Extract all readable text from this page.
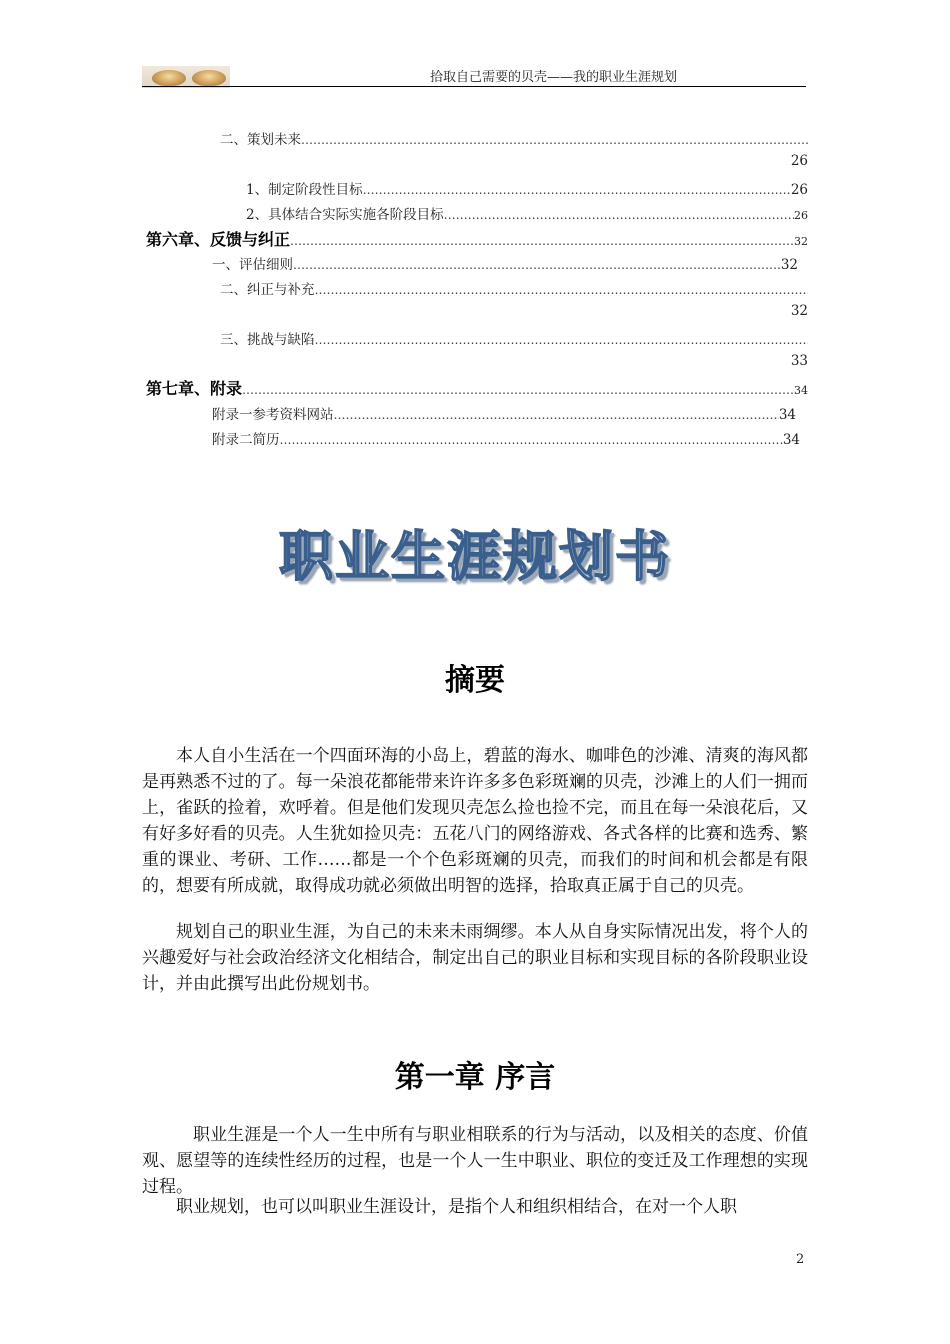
拾取自己需要的贝壳——我的职业生涯规划
二、策划未来
……………………………………………………………………………………………………………………………………………………………………………………………
26
1、制定阶段性目标 ……………………………………………………………………………………………………………………………………………………………………………………………	26
2、具体结合实际实施各阶段目标 ……………………………………………………………………………………………………………………………………………………………………………………………	26
第六章、反馈与纠正 ……………………………………………………………………………………………………………………………………………………………………………………………	32
一、评估细则 ……………………………………………………………………………………………………………………………………………………………………………………………	32
二、纠正与补充
……………………………………………………………………………………………………………………………………………………………………………………………
32
三、挑战与缺陷
……………………………………………………………………………………………………………………………………………………………………………………………
33
第七章、附录 ……………………………………………………………………………………………………………………………………………………………………………………………	34
附录一参考资料网站 ……………………………………………………………………………………………………………………………………………………………………………………………	34
附录二简历 ……………………………………………………………………………………………………………………………………………………………………………………………	34
职业生涯规划书
摘要
本人自小生活在一个四面环海的小岛上，碧蓝的海水、咖啡色的沙滩、清爽的海风都是再熟悉不过的了。每一朵浪花都能带来许许多多色彩斑斓的贝壳，沙滩上的人们一拥而上，雀跃的捡着，欢呼着。但是他们发现贝壳怎么捡也捡不完，而且在每一朵浪花后，又有好多好看的贝壳。人生犹如捡贝壳：五花八门的网络游戏、各式各样的比赛和选秀、繁重的课业、考研、工作……都是一个个色彩斑斓的贝壳，而我们的时间和机会都是有限的，想要有所成就，取得成功就必须做出明智的选择，拾取真正属于自己的贝壳。
规划自己的职业生涯，为自己的未来未雨绸缪。本人从自身实际情况出发，将个人的兴趣爱好与社会政治经济文化相结合，制定出自己的职业目标和实现目标的各阶段职业设计，并由此撰写出此份规划书。
第一章 序言
职业生涯是一个人一生中所有与职业相联系的行为与活动，以及相关的态度、价值观、愿望等的连续性经历的过程，也是一个人一生中职业、职位的变迁及工作理想的实现过程。
职业规划，也可以叫职业生涯设计，是指个人和组织相结合，在对一个人职
2
